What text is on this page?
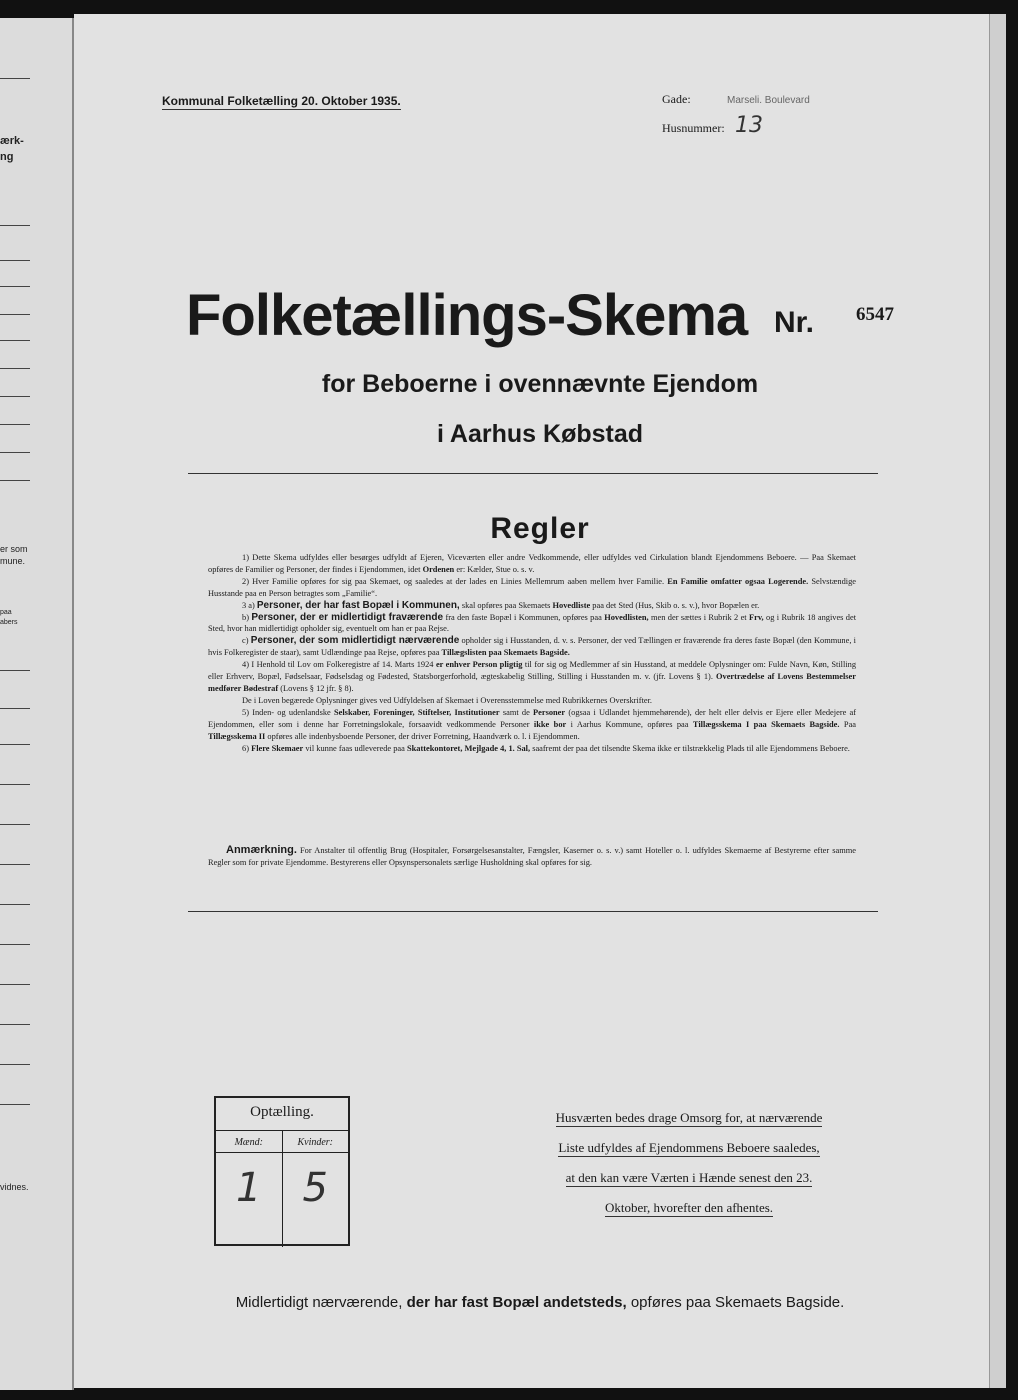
ærk-
ng
er som
mune.
paa
abers
vidnes.
Kommunal Folketælling 20. Oktober 1935.	Gade:	Marseli. Boulevard
Husnummer: 13
Folketællings-Skema Nr. 6547
for Beboerne i ovennævnte Ejendom
i Aarhus Købstad
Regler

1) Dette Skema udfyldes eller besørges udfyldt af Ejeren, Viceværten eller andre Vedkommende, eller udfyldes ved Cirkulation blandt Ejendommens Beboere. — Paa Skemaet opføres de Familier og Personer, der findes i Ejendommen, idet Ordenen er: Kælder, Stue o. s. v.

2) Hver Familie opføres for sig paa Skemaet, og saaledes at der lades en Linies Mellemrum aaben mellem hver Familie. En Familie omfatter ogsaa Logerende. Selvstændige Husstande paa en Person betragtes som „Familie“.

3 a) Personer, der har fast Bopæl i Kommunen, skal opføres paa Skemaets Hovedliste paa det Sted (Hus, Skib o. s. v.), hvor Bopælen er.

b) Personer, der er midlertidigt fraværende fra den faste Bopæl i Kommunen, opføres paa Hovedlisten, men der sættes i Rubrik 2 et Frv, og i Rubrik 18 angives det Sted, hvor han midlertidigt opholder sig, eventuelt om han er paa Rejse.

c) Personer, der som midlertidigt nærværende opholder sig i Husstanden, d. v. s. Personer, der ved Tællingen er fraværende fra deres faste Bopæl (den Kommune, i hvis Folkeregister de staar), samt Udlændinge paa Rejse, opføres paa Tillægslisten paa Skemaets Bagside.

4) I Henhold til Lov om Folkeregistre af 14. Marts 1924 er enhver Person pligtig til for sig og Medlemmer af sin Husstand, at meddele Oplysninger om: Fulde Navn, Køn, Stilling eller Erhverv, Bopæl, Fødselsaar, Fødselsdag og Fødested, Statsborgerforhold, ægteskabelig Stilling, Stilling i Husstanden m. v. (jfr. Lovens § 1). Overtrædelse af Lovens Bestemmelser medfører Bødestraf (Lovens § 12 jfr. § 8).

De i Loven begærede Oplysninger gives ved Udfyldelsen af Skemaet i Overensstemmelse med Rubrikkernes Overskrifter.

5) Inden- og udenlandske Selskaber, Foreninger, Stiftelser, Institutioner samt de Personer (ogsaa i Udlandet hjemmehørende), der helt eller delvis er Ejere eller Medejere af Ejendommen, eller som i denne har Forretningslokale, forsaavidt vedkommende Personer ikke bor i Aarhus Kommune, opføres paa Tillægsskema I paa Skemaets Bagside. Paa Tillægsskema II opføres alle indenbysboende Personer, der driver Forretning, Haandværk o. l. i Ejendommen.

6) Flere Skemaer vil kunne faas udleverede paa Skattekontoret, Mejlgade 4, 1. Sal, saafremt der paa det tilsendte Skema ikke er tilstrækkelig Plads til alle Ejendommens Beboere.

Anmærkning. For Anstalter til offentlig Brug (Hospitaler, Forsørgelsesanstalter, Fængsler, Kaserner o. s. v.) samt Hoteller o. l. udfyldes Skemaerne af Bestyrerne efter samme Regler som for private Ejendomme. Bestyrerens eller Opsynspersonalets særlige Husholdning skal opføres for sig.
Optælling.
Mænd:
1
Kvinder:
5
Husværten bedes drage Omsorg for, at nærværende
Liste udfyldes af Ejendommens Beboere saaledes,
at den kan være Værten i Hænde senest den 23.
Oktober, hvorefter den afhentes.
Midlertidigt nærværende, der har fast Bopæl andetsteds, opføres paa Skemaets Bagside.
